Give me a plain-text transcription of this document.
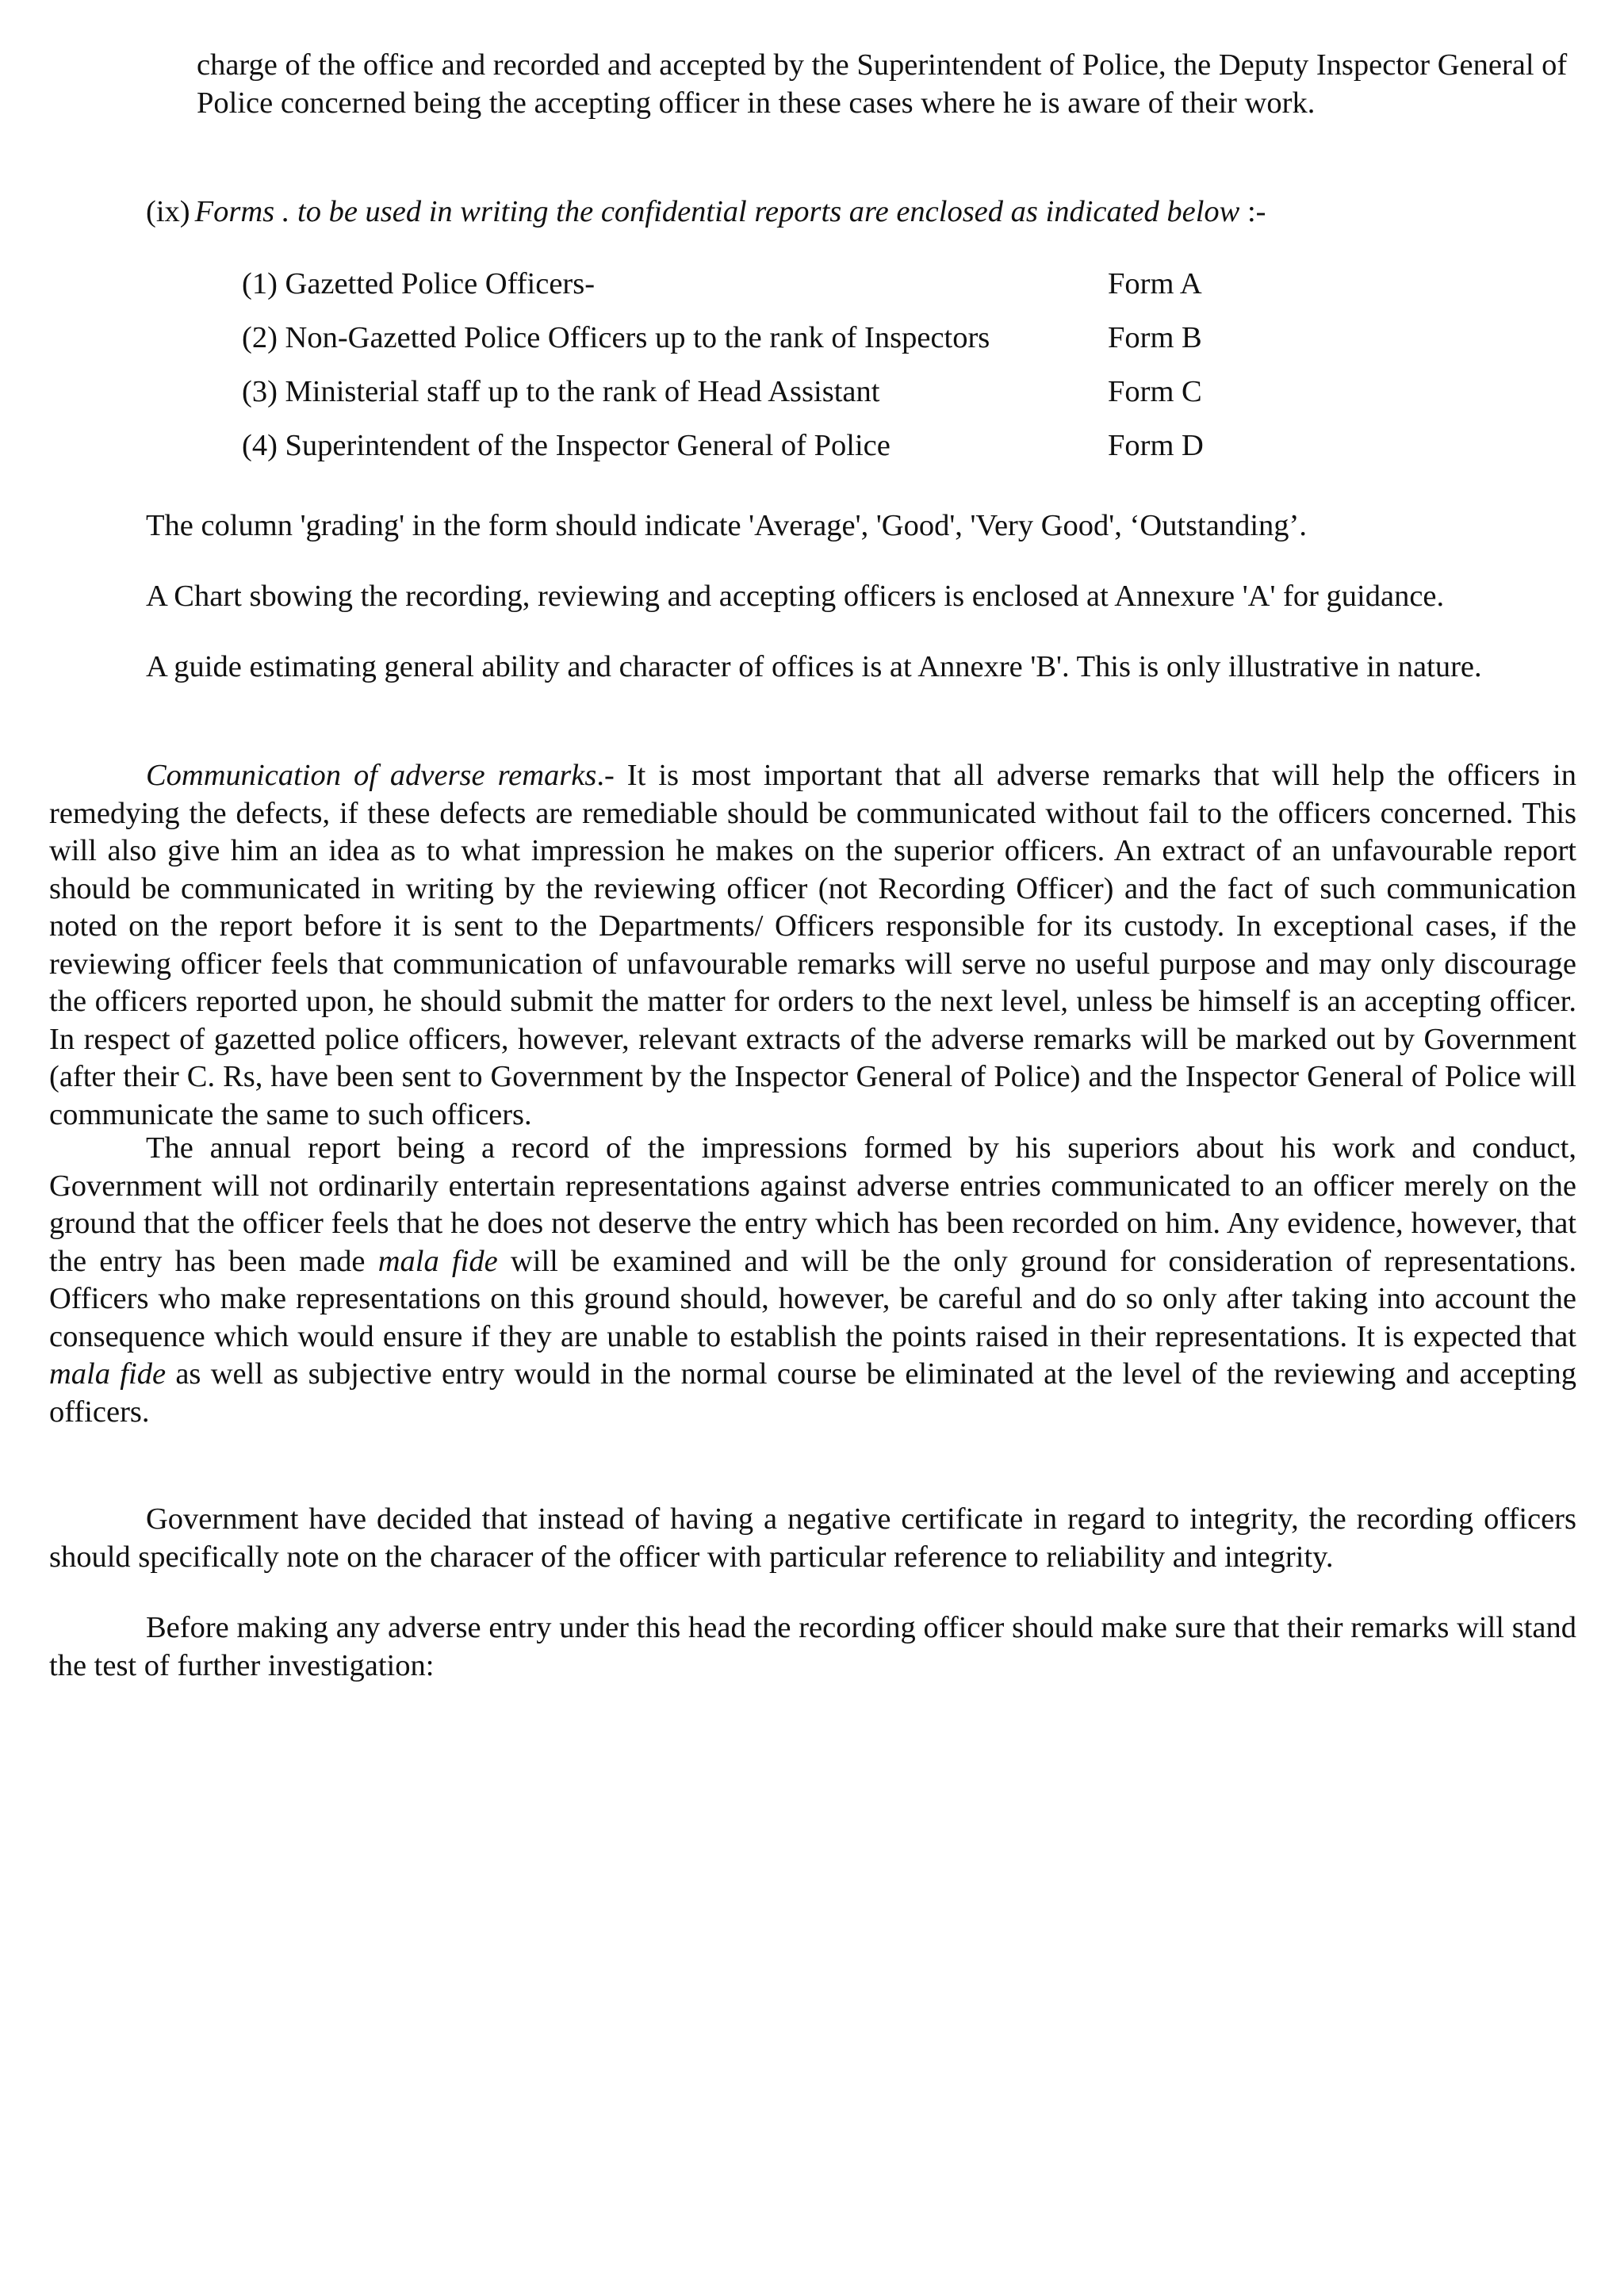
charge of the office and recorded and accepted by the Superintendent of Police, the Deputy Inspector General of Police concerned being the accepting officer in these cases where he is aware of their work.

(ix) Forms . to be used in writing the confidential reports are enclosed as indicated below :-

(1) Gazetted Police Officers-	Form A
(2) Non-Gazetted Police Officers up to the rank of Inspectors	Form B
(3) Ministerial staff up to the rank of Head Assistant	Form C
(4) Superintendent of the Inspector General of Police	Form D

The column 'grading' in the form should indicate 'Average', 'Good', 'Very Good', ‘Outstanding’.

A Chart sbowing the recording, reviewing and accepting officers is enclosed at Annexure 'A' for guidance.

A guide estimating general ability and character of offices is at Annexre 'B'. This is only illustrative in nature.

Communication of adverse remarks.- It is most important that all adverse remarks that will help the officers in remedying the defects, if these defects are remediable should be communicated without fail to the officers concerned. This will also give him an idea as to what impression he makes on the superior officers. An extract of an unfavourable report should be communicated in writing by the reviewing officer (not Recording Officer) and the fact of such communication noted on the report before it is sent to the Departments/ Officers responsible for its custody. In exceptional cases, if the reviewing officer feels that communication of unfavourable remarks will serve no useful purpose and may only discourage the officers reported upon, he should submit the matter for orders to the next level, unless be himself is an accepting officer. In respect of gazetted police officers, however, relevant extracts of the adverse remarks will be marked out by Government (after their C. Rs, have been sent to Government by the Inspector General of Police) and the Inspector General of Police will communicate the same to such officers.

The annual report being a record of the impressions formed by his superiors about his work and conduct, Government will not ordinarily entertain representations against adverse entries communicated to an officer merely on the ground that the officer feels that he does not deserve the entry which has been recorded on him. Any evidence, however, that the entry has been made mala fide will be examined and will be the only ground for consideration of representations. Officers who make representations on this ground should, however, be careful and do so only after taking into account the consequence which would ensure if they are unable to establish the points raised in their representations. It is expected that mala fide as well as subjective entry would in the normal course be eliminated at the level of the reviewing and accepting officers.

Government have decided that instead of having a negative certificate in regard to integrity, the recording officers should specifically note on the characer of the officer with particular reference to reliability and integrity.

Before making any adverse entry under this head the recording officer should make sure that their remarks will stand the test of further investigation:
